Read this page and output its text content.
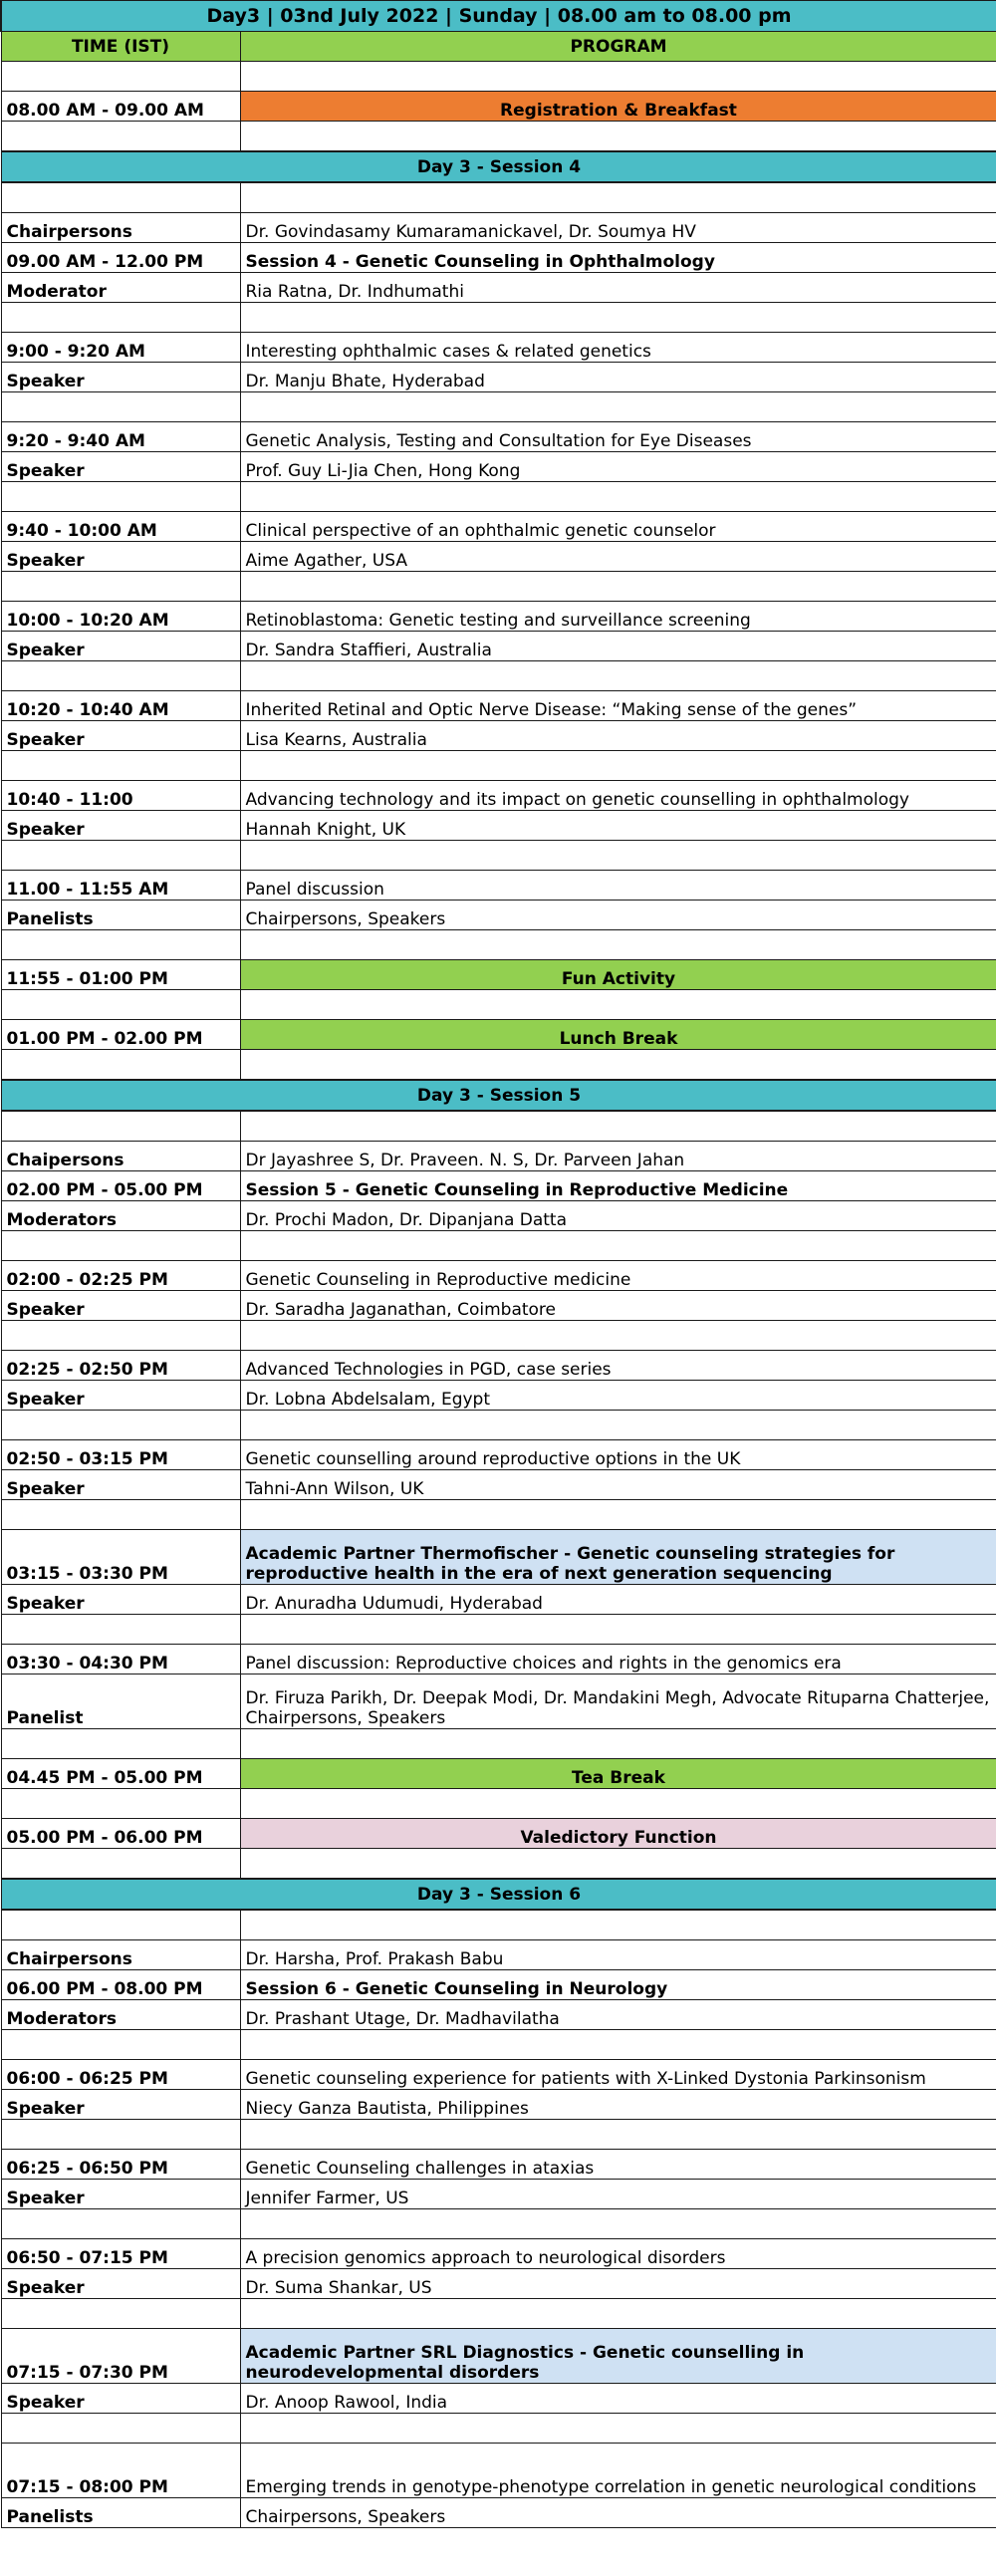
Day3 | 03nd July 2022 | Sunday | 08.00 am to 08.00 pm	
TIME (IST)	PROGRAM

08.00 AM - 09.00 AM	Registration & Breakfast

Day 3 - Session 4	

Chairpersons	Dr. Govindasamy Kumaramanickavel, Dr. Soumya HV
09.00 AM - 12.00 PM	Session 4 - Genetic Counseling in Ophthalmology
Moderator	Ria Ratna, Dr. Indhumathi

9:00 - 9:20 AM	Interesting ophthalmic cases & related genetics
Speaker	Dr. Manju Bhate, Hyderabad

9:20 - 9:40 AM	Genetic Analysis, Testing and Consultation for Eye Diseases
Speaker	Prof. Guy Li-Jia Chen, Hong Kong

9:40 - 10:00 AM	Clinical perspective of an ophthalmic genetic counselor
Speaker	Aime Agather, USA

10:00 - 10:20 AM	Retinoblastoma: Genetic testing and surveillance screening
Speaker	Dr. Sandra Staffieri, Australia

10:20 - 10:40 AM	Inherited Retinal and Optic Nerve Disease: “Making sense of the genes”
Speaker	Lisa Kearns, Australia

10:40 - 11:00	Advancing technology and its impact on genetic counselling in ophthalmology
Speaker	Hannah Knight, UK

11.00 - 11:55 AM	Panel discussion
Panelists	Chairpersons, Speakers

11:55 - 01:00 PM	Fun Activity

01.00 PM - 02.00 PM	Lunch Break

Day 3 - Session 5	

Chaipersons	Dr Jayashree S, Dr. Praveen. N. S, Dr. Parveen Jahan
02.00 PM - 05.00 PM	Session 5 - Genetic Counseling in Reproductive Medicine
Moderators	Dr. Prochi Madon, Dr. Dipanjana Datta

02:00 - 02:25 PM	Genetic Counseling in Reproductive medicine
Speaker	Dr. Saradha Jaganathan, Coimbatore

02:25 - 02:50 PM	Advanced Technologies in PGD, case series
Speaker	Dr. Lobna Abdelsalam, Egypt

02:50 - 03:15 PM	Genetic counselling around reproductive options in the UK
Speaker	Tahni-Ann Wilson, UK

03:15 - 03:30 PM	Academic Partner Thermofischer - Genetic counseling strategies for reproductive health in the era of next generation sequencing
Speaker	Dr. Anuradha Udumudi, Hyderabad

03:30 - 04:30 PM	Panel discussion: Reproductive choices and rights in the genomics era
Panelist	Dr. Firuza Parikh, Dr. Deepak Modi, Dr. Mandakini Megh, Advocate Rituparna Chatterjee, Chairpersons, Speakers

04.45 PM - 05.00 PM	Tea Break

05.00 PM - 06.00 PM	Valedictory Function

Day 3 - Session 6	

Chairpersons	Dr. Harsha, Prof. Prakash Babu
06.00 PM - 08.00 PM	Session 6 - Genetic Counseling in Neurology
Moderators	Dr. Prashant Utage, Dr. Madhavilatha

06:00 - 06:25 PM	Genetic counseling experience for patients with X-Linked Dystonia Parkinsonism
Speaker	Niecy Ganza Bautista, Philippines

06:25 - 06:50 PM	Genetic Counseling challenges in ataxias
Speaker	Jennifer Farmer, US

06:50 - 07:15 PM	A precision genomics approach to neurological disorders
Speaker	Dr. Suma Shankar, US

07:15 - 07:30 PM	Academic Partner SRL Diagnostics - Genetic counselling in neurodevelopmental disorders
Speaker	Dr. Anoop Rawool, India

07:15 - 08:00 PM	Emerging trends in genotype-phenotype correlation in genetic neurological conditions
Panelists	Chairpersons, Speakers
